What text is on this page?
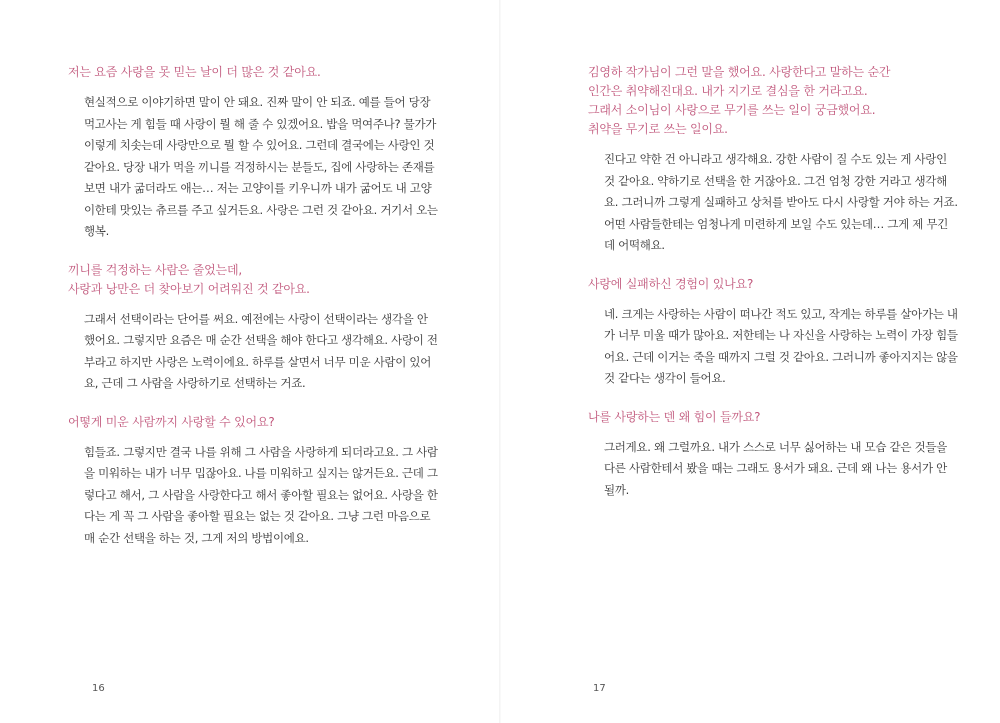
저는 요즘 사랑을 못 믿는 날이 더 많은 것 같아요.

현실적으로 이야기하면 말이 안 돼요. 진짜 말이 안 되죠. 예를 들어 당장
먹고사는 게 힘들 때 사랑이 뭘 해 줄 수 있겠어요. 밥을 먹여주나? 물가가
이렇게 치솟는데 사랑만으로 뭘 할 수 있어요. 그런데 결국에는 사랑인 것
같아요. 당장 내가 먹을 끼니를 걱정하시는 분들도, 집에 사랑하는 존재를
보면 내가 굶더라도 애는… 저는 고양이를 키우니까 내가 굶어도 내 고양
이한테 맛있는 츄르를 주고 싶거든요. 사랑은 그런 것 같아요. 거기서 오는
행복.

끼니를 걱정하는 사람은 줄었는데,
사랑과 낭만은 더 찾아보기 어려워진 것 같아요.

그래서 선택이라는 단어를 써요. 예전에는 사랑이 선택이라는 생각을 안
했어요. 그렇지만 요즘은 매 순간 선택을 해야 한다고 생각해요. 사랑이 전
부라고 하지만 사랑은 노력이에요. 하루를 살면서 너무 미운 사람이 있어
요, 근데 그 사람을 사랑하기로 선택하는 거죠.

어떻게 미운 사람까지 사랑할 수 있어요?

힘들죠. 그렇지만 결국 나를 위해 그 사람을 사랑하게 되더라고요. 그 사람
을 미워하는 내가 너무 밉잖아요. 나를 미워하고 싶지는 않거든요. 근데 그
렇다고 해서, 그 사람을 사랑한다고 해서 좋아할 필요는 없어요. 사랑을 한
다는 게 꼭 그 사람을 좋아할 필요는 없는 것 같아요. 그냥 그런 마음으로
매 순간 선택을 하는 것, 그게 저의 방법이에요.

16

김영하 작가님이 그런 말을 했어요. 사랑한다고 말하는 순간
인간은 취약해진대요. 내가 지기로 결심을 한 거라고요.
그래서 소이님이 사랑으로 무기를 쓰는 일이 궁금했어요.
취약을 무기로 쓰는 일이요.

진다고 약한 건 아니라고 생각해요. 강한 사람이 질 수도 있는 게 사랑인
것 같아요. 약하기로 선택을 한 거잖아요. 그건 엄청 강한 거라고 생각해
요. 그러니까 그렇게 실패하고 상처를 받아도 다시 사랑할 거야 하는 거죠.
어떤 사람들한테는 엄청나게 미련하게 보일 수도 있는데… 그게 제 무긴
데 어떡해요.

사랑에 실패하신 경험이 있나요?

네. 크게는 사랑하는 사람이 떠나간 적도 있고, 작게는 하루를 살아가는 내
가 너무 미울 때가 많아요. 저한테는 나 자신을 사랑하는 노력이 가장 힘들
어요. 근데 이거는 죽을 때까지 그럴 것 같아요. 그러니까 좋아지지는 않을
것 같다는 생각이 들어요.

나를 사랑하는 덴 왜 힘이 들까요?

그러게요. 왜 그럴까요. 내가 스스로 너무 싫어하는 내 모습 같은 것들을
다른 사람한테서 봤을 때는 그래도 용서가 돼요. 근데 왜 나는 용서가 안
될까.

17
